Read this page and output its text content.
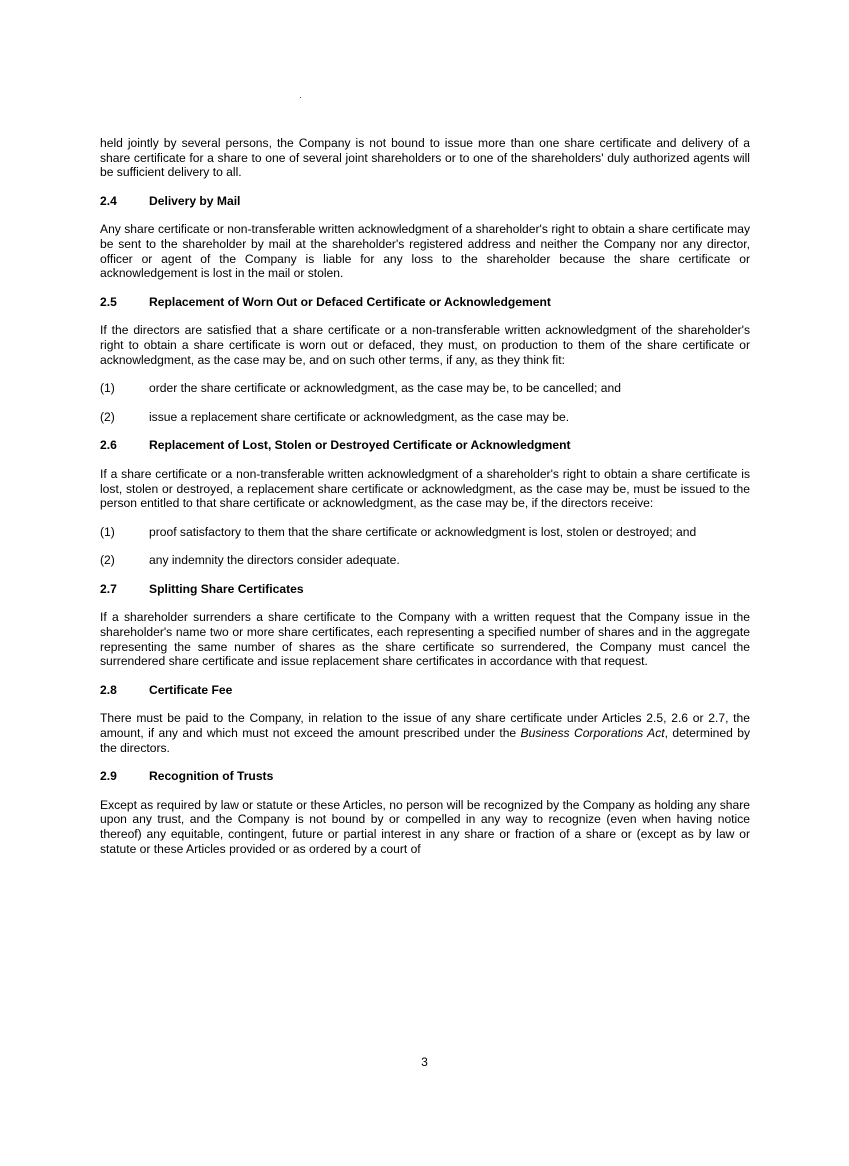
held jointly by several persons, the Company is not bound to issue more than one share certificate and delivery of a share certificate for a share to one of several joint shareholders or to one of the shareholders' duly authorized agents will be sufficient delivery to all.

2.4	Delivery by Mail

Any share certificate or non-transferable written acknowledgment of a shareholder's right to obtain a share certificate may be sent to the shareholder by mail at the shareholder's registered address and neither the Company nor any director, officer or agent of the Company is liable for any loss to the shareholder because the share certificate or acknowledgement is lost in the mail or stolen.

2.5	Replacement of Worn Out or Defaced Certificate or Acknowledgement

If the directors are satisfied that a share certificate or a non-transferable written acknowledgment of the shareholder's right to obtain a share certificate is worn out or defaced, they must, on production to them of the share certificate or acknowledgment, as the case may be, and on such other terms, if any, as they think fit:

(1)	order the share certificate or acknowledgment, as the case may be, to be cancelled; and
(2)	issue a replacement share certificate or acknowledgment, as the case may be.
2.6	Replacement of Lost, Stolen or Destroyed Certificate or Acknowledgment

If a share certificate or a non-transferable written acknowledgment of a shareholder's right to obtain a share certificate is lost, stolen or destroyed, a replacement share certificate or acknowledgment, as the case may be, must be issued to the person entitled to that share certificate or acknowledgment, as the case may be, if the directors receive:

(1)	proof satisfactory to them that the share certificate or acknowledgment is lost, stolen or destroyed; and
(2)	any indemnity the directors consider adequate.
2.7	Splitting Share Certificates

If a shareholder surrenders a share certificate to the Company with a written request that the Company issue in the shareholder's name two or more share certificates, each representing a specified number of shares and in the aggregate representing the same number of shares as the share certificate so surrendered, the Company must cancel the surrendered share certificate and issue replacement share certificates in accordance with that request.

2.8	Certificate Fee

There must be paid to the Company, in relation to the issue of any share certificate under Articles 2.5, 2.6 or 2.7, the amount, if any and which must not exceed the amount prescribed under the Business Corporations Act, determined by the directors.

2.9	Recognition of Trusts

Except as required by law or statute or these Articles, no person will be recognized by the Company as holding any share upon any trust, and the Company is not bound by or compelled in any way to recognize (even when having notice thereof) any equitable, contingent, future or partial interest in any share or fraction of a share or (except as by law or statute or these Articles provided or as ordered by a court of

3
